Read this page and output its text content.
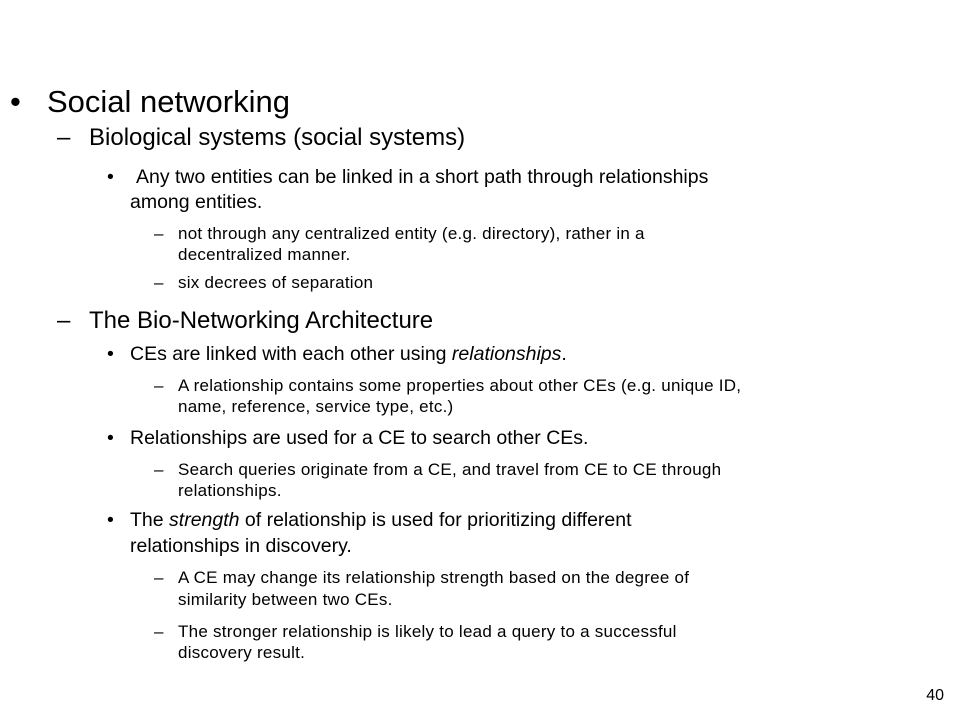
• Social networking
– Biological systems (social systems)
• Any two entities can be linked in a short path through relationships
among entities.
– not through any centralized entity (e.g. directory), rather in a
decentralized manner.
– six decrees of separation
– The Bio-Networking Architecture
• CEs are linked with each other using relationships.
– A relationship contains some properties about other CEs (e.g. unique ID,
name, reference, service type, etc.)
• Relationships are used for a CE to search other CEs.
– Search queries originate from a CE, and travel from CE to CE through
relationships.
• The strength of relationship is used for prioritizing different
relationships in discovery.
– A CE may change its relationship strength based on the degree of
similarity between two CEs.
– The stronger relationship is likely to lead a query to a successful
discovery result.
40
